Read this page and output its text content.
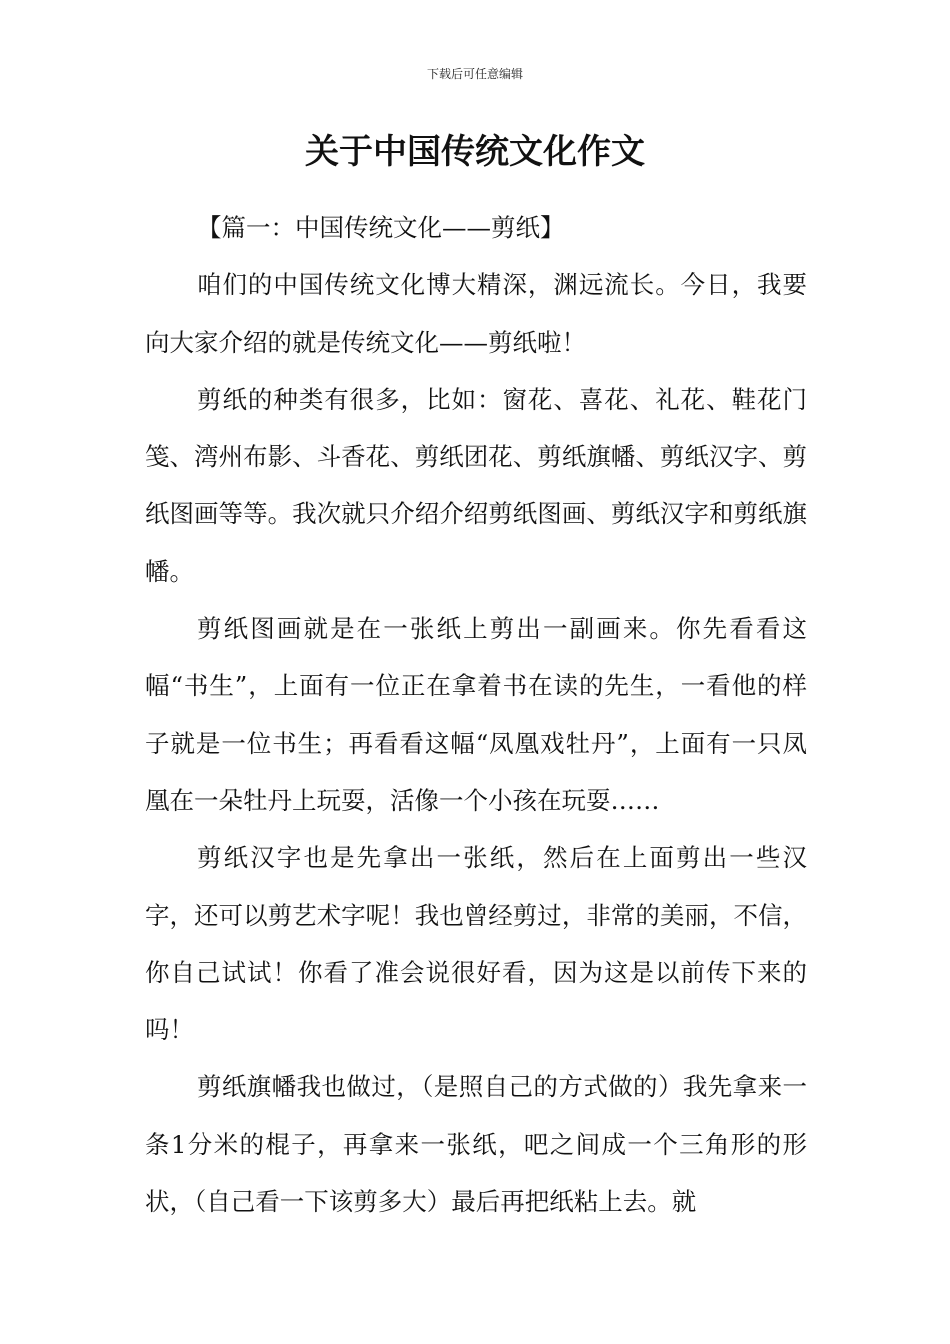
下载后可任意编辑
关于中国传统文化作文

【篇一：中国传统文化——剪纸】

咱们的中国传统文化博大精深，渊远流长。今日，我要向大家介绍的就是传统文化——剪纸啦！

剪纸的种类有很多，比如：窗花、喜花、礼花、鞋花门笺、湾州布影、斗香花、剪纸团花、剪纸旗幡、剪纸汉字、剪纸图画等等。我次就只介绍介绍剪纸图画、剪纸汉字和剪纸旗幡。

剪纸图画就是在一张纸上剪出一副画来。你先看看这幅“书生”，上面有一位正在拿着书在读的先生，一看他的样子就是一位书生；再看看这幅“凤凰戏牡丹”，上面有一只凤凰在一朵牡丹上玩耍，活像一个小孩在玩耍……

剪纸汉字也是先拿出一张纸，然后在上面剪出一些汉字，还可以剪艺术字呢！我也曾经剪过，非常的美丽，不信，你自己试试！你看了准会说很好看，因为这是以前传下来的吗！

剪纸旗幡我也做过，（是照自己的方式做的）我先拿来一条1分米的棍子，再拿来一张纸，吧之间成一个三角形的形状，（自己看一下该剪多大）最后再把纸粘上去。就
